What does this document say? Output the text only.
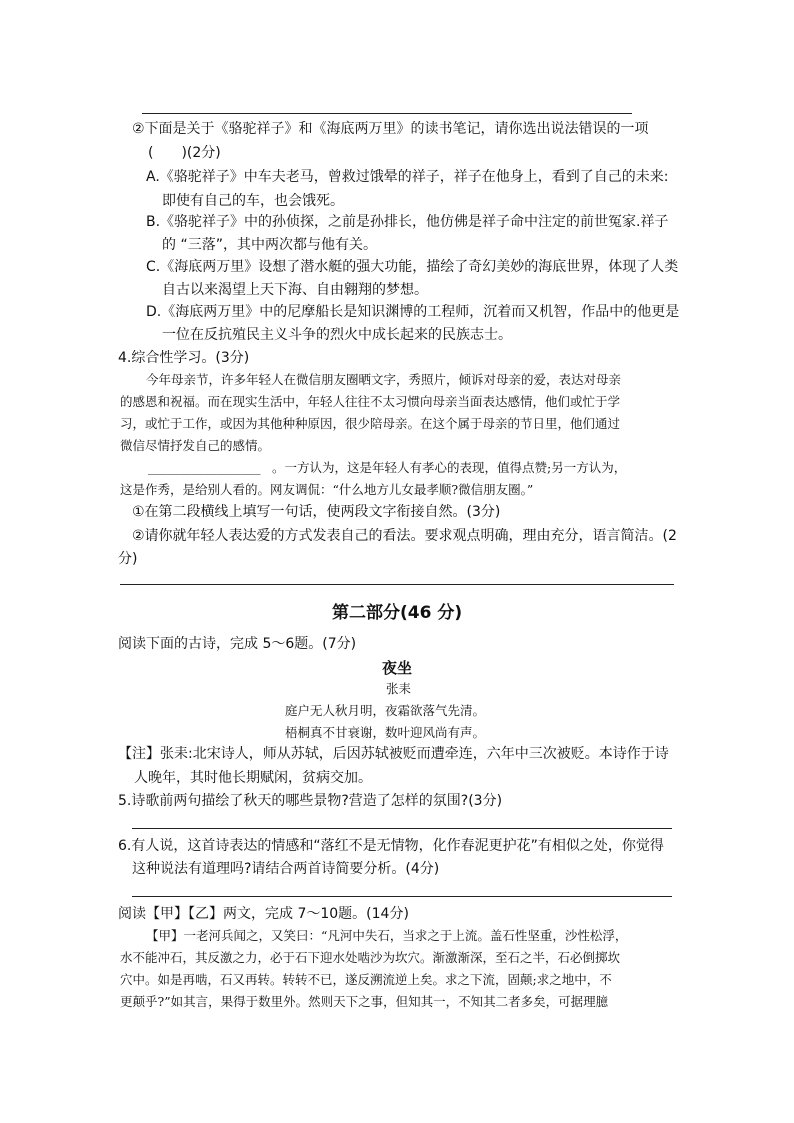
②下面是关于《骆驼祥子》和《海底两万里》的读书笔记，请你选出说法错误的一项
(　　)(2分)
A.《骆驼祥子》中车夫老马，曾救过饿晕的祥子，祥子在他身上，看到了自己的未来:
即使有自己的车，也会饿死。
B.《骆驼祥子》中的孙侦探，之前是孙排长，他仿佛是祥子命中注定的前世冤家.祥子
的 “三落”，其中两次都与他有关。
C.《海底两万里》设想了潜水艇的强大功能，描绘了奇幻美妙的海底世界，体现了人类
自古以来渴望上天下海、自由翱翔的梦想。
D.《海底两万里》中的尼摩船长是知识渊博的工程师，沉着而又机智，作品中的他更是
一位在反抗殖民主义斗争的烈火中成长起来的民族志士。
4.综合性学习。(3分)
今年母亲节，许多年轻人在微信朋友圈晒文字，秀照片，倾诉对母亲的爱，表达对母亲
的感恩和祝福。而在现实生活中，年轻人往往不太习惯向母亲当面表达感情，他们或忙于学
习，或忙于工作，或因为其他种种原因，很少陪母亲。在这个属于母亲的节日里，他们通过
微信尽情抒发自己的感情。
__________________ 。一方认为，这是年轻人有孝心的表现，值得点赞;另一方认为，
这是作秀，是给别人看的。网友调侃：“什么地方儿女最孝顺?微信朋友圈。”
①在第二段横线上填写一句话，使两段文字衔接自然。(3分)
②请你就年轻人表达爱的方式发表自己的看法。要求观点明确，理由充分，语言简洁。(2
分)
第二部分(46 分)
阅读下面的古诗，完成 5～6题。(7分)
夜坐
张耒
庭户无人秋月明，夜霜欲落气先清。
梧桐真不甘衰谢，数叶迎风尚有声。
【注】张耒:北宋诗人，师从苏轼，后因苏轼被贬而遭牵连，六年中三次被贬。本诗作于诗
人晚年，其时他长期赋闲，贫病交加。
5.诗歌前两句描绘了秋天的哪些景物?营造了怎样的氛围?(3分)
6.有人说，这首诗表达的情感和“落红不是无情物，化作春泥更护花”有相似之处，你觉得
这种说法有道理吗?请结合两首诗简要分析。(4分)
阅读【甲】【乙】两文，完成 7～10题。(14分)
【甲】一老河兵闻之，又笑曰：“凡河中失石，当求之于上流。盖石性坚重，沙性松浮，
水不能冲石，其反激之力，必于石下迎水处啮沙为坎穴。渐激渐深，至石之半，石必倒掷坎
穴中。如是再啮，石又再转。转转不已，遂反溯流逆上矣。求之下流，固颠;求之地中，不
更颠乎?”如其言，果得于数里外。然则天下之事，但知其一，不知其二者多矣，可据理臆
